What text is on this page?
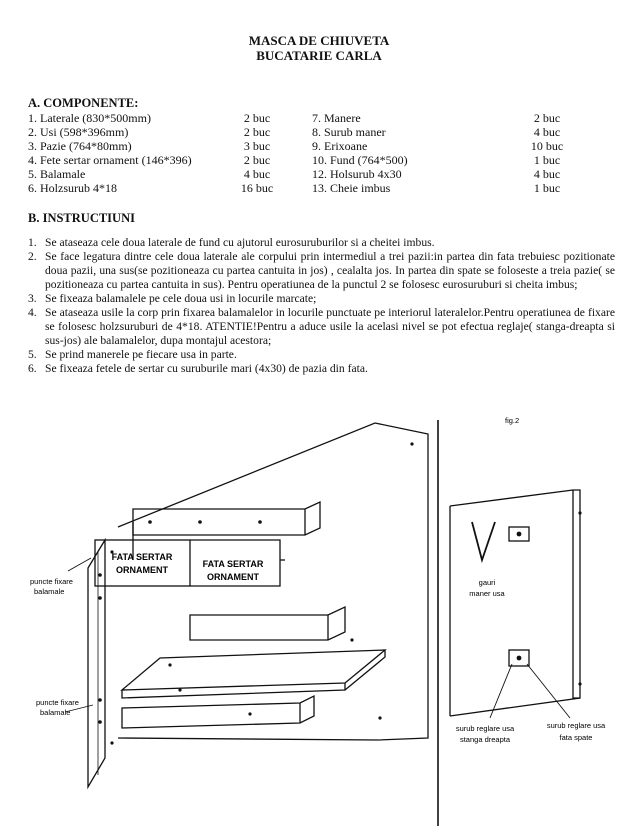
MASCA DE CHIUVETA
BUCATARIE CARLA
A. COMPONENTE:
1. Laterale (830*500mm)	2 buc	7. Manere	2 buc
2. Usi (598*396mm)	2 buc	8. Surub maner	4 buc
3. Pazie (764*80mm)	3 buc	9. Erixoane	10 buc
4. Fete sertar ornament (146*396)	2 buc	10. Fund (764*500)	1 buc
5. Balamale	4 buc	12. Holsurub 4x30	4 buc
6. Holzsurub 4*18	16 buc	13. Cheie imbus	1 buc
B. INSTRUCTIUNI
1. Se ataseaza cele doua laterale de fund cu ajutorul eurosuruburilor si a cheitei imbus.
2. Se face legatura dintre cele doua laterale ale corpului prin intermediul a trei pazii:in partea din fata trebuiesc pozitionate doua pazii, una sus(se pozitioneaza cu partea cantuita in jos) , cealalta jos. In partea din spate se foloseste a treia pazie( se pozitioneaza cu partea cantuita in sus). Pentru operatiunea de la punctul 2 se folosesc eurosuruburi si cheita imbus;
3. Se fixeaza balamalele pe cele doua usi in locurile marcate;
4. Se ataseaza usile la corp prin fixarea balamalelor in locurile punctuate pe interiorul lateralelor.Pentru operatiunea de fixare se folosesc holzsuruburi de 4*18. ATENTIE!Pentru a aduce usile la acelasi nivel se pot efectua reglaje( stanga-dreapta si sus-jos) ale balamalelor, dupa montajul acestora;
5. Se prind manerele pe fiecare usa in parte.
6. Se fixeaza fetele de sertar cu suruburile mari (4x30) de pazia din fata.
FATA SERTAR
ORNAMENT
FATA SERTAR
ORNAMENT
puncte fixare
balamale
puncte fixare
balamale
fig.2
gauri
maner usa
surub reglare usa
stanga dreapta
surub reglare usa
fata spate
